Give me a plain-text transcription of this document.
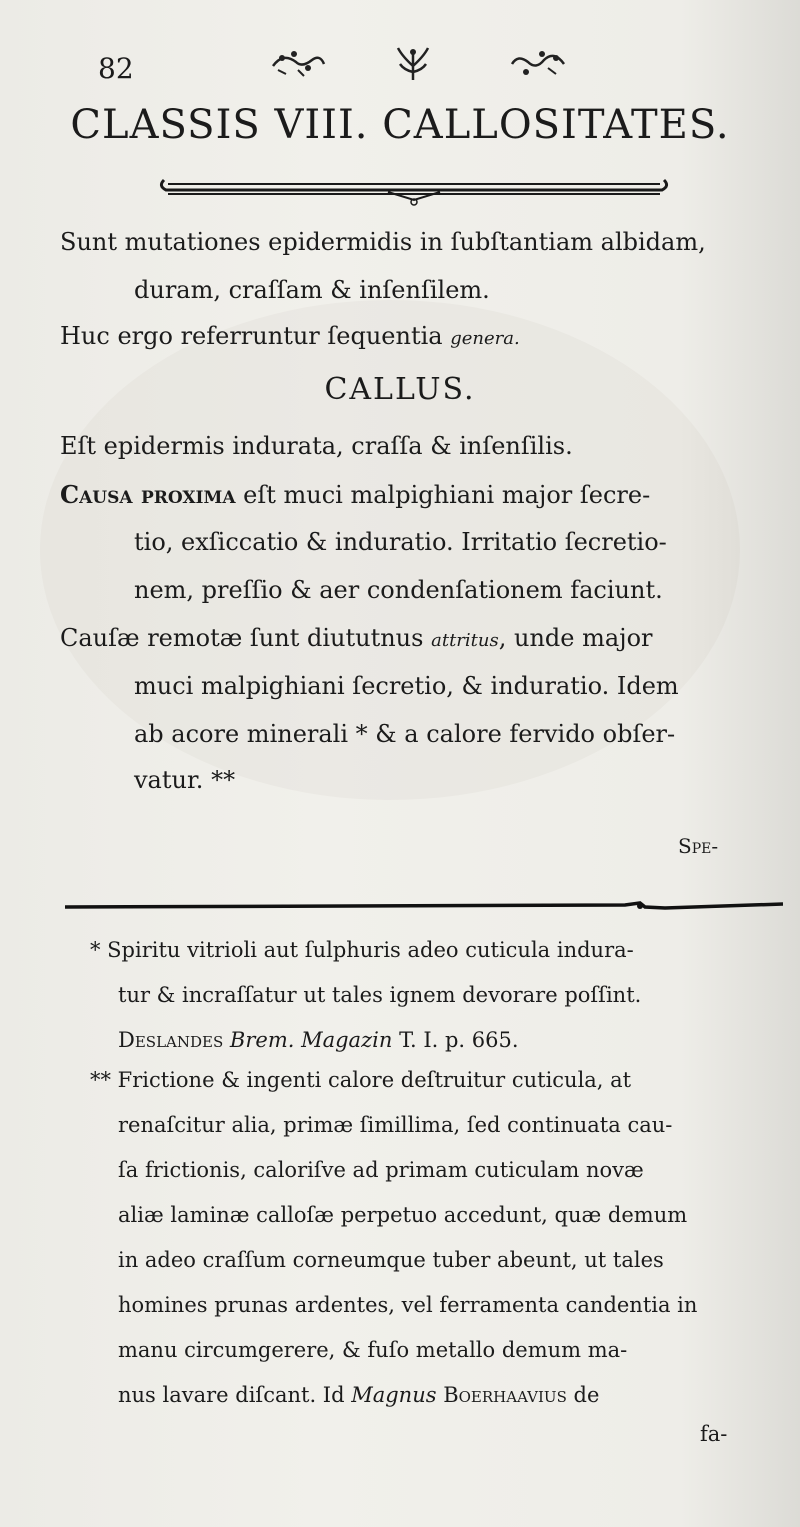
82
CLASSIS VIII. CALLOSITATES.
Sunt mutationes epidermidis in ſubſtantiam albidam,
duram, craſſam & inſenſilem.
Huc ergo referruntur ſequentia genera.
CALLUS.
Eſt epidermis indurata, craſſa & inſenſilis.
Causa proxima eſt muci malpighiani major ſecre-
tio, exſiccatio & induratio. Irritatio ſecretio-
nem, preſſio & aer condenſationem faciunt.
Cauſæ remotæ ſunt diututnus attritus, unde major
muci malpighiani ſecretio, & induratio. Idem
ab acore minerali * & a calore fervido obſer-
vatur. **
Spe-
* Spiritu vitrioli aut ſulphuris adeo cuticula indura-
tur & incraſſatur ut tales ignem devorare poſſint.
Deslandes Brem. Magazin T. I. p. 665.
** Frictione & ingenti calore deſtruitur cuticula, at
renaſcitur alia, primæ ſimillima, ſed continuata cau-
ſa frictionis, caloriſve ad primam cuticulam novæ
aliæ laminæ calloſæ perpetuo accedunt, quæ demum
in adeo craſſum corneumque tuber abeunt, ut tales
homines prunas ardentes, vel ferramenta candentia in
manu circumgerere, & fuſo metallo demum ma-
nus lavare diſcant. Id Magnus Boerhaavius de
fa-
